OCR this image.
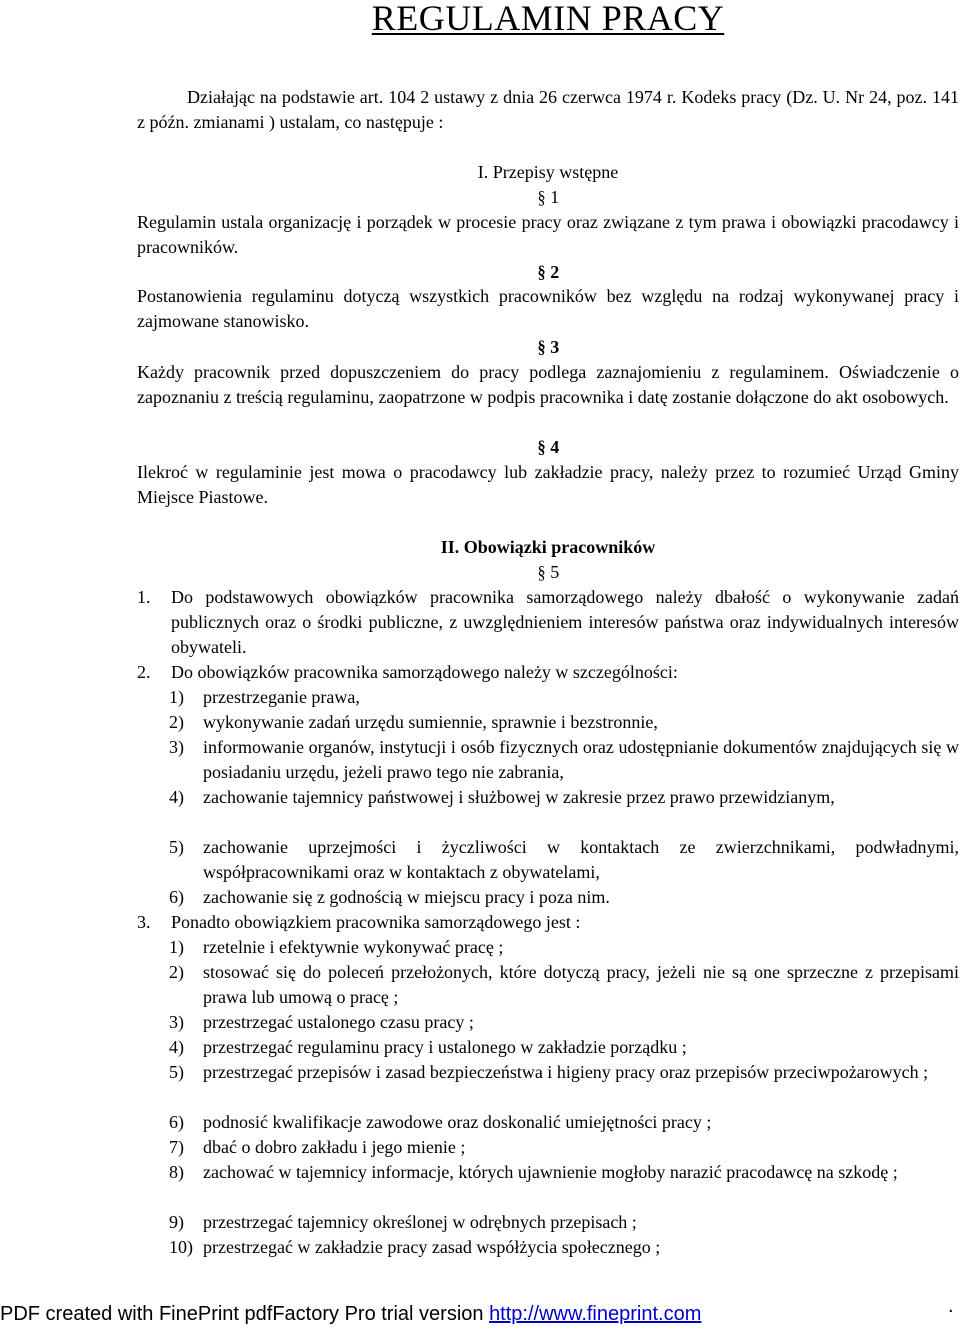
REGULAMIN PRACY
Działając na podstawie art. 104 2 ustawy z dnia 26 czerwca 1974 r. Kodeks pracy (Dz. U. Nr 24, poz. 141 z późn. zmianami ) ustalam, co następuje :
I. Przepisy wstępne
§ 1
Regulamin ustala organizację i porządek w procesie pracy oraz związane z tym prawa i obowiązki pracodawcy i pracowników.
§ 2
Postanowienia regulaminu dotyczą wszystkich pracowników bez względu na rodzaj wykonywanej pracy i zajmowane stanowisko.
§ 3
Każdy pracownik przed dopuszczeniem do pracy podlega zaznajomieniu z regulaminem. Oświadczenie o zapoznaniu z treścią regulaminu, zaopatrzone w podpis pracownika i datę zostanie dołączone do akt osobowych.
§ 4
Ilekroć w regulaminie jest mowa o pracodawcy lub zakładzie pracy, należy przez to rozumieć Urząd Gminy Miejsce Piastowe.
II. Obowiązki pracowników
§ 5
1.	Do podstawowych obowiązków pracownika samorządowego należy dbałość o wykonywanie zadań publicznych oraz o środki publiczne, z uwzględnieniem interesów państwa oraz indywidualnych interesów obywateli.
2.	Do obowiązków pracownika samorządowego należy w szczególności:
1)	przestrzeganie prawa,
2)	wykonywanie zadań urzędu sumiennie, sprawnie i bezstronnie,
3)	informowanie organów, instytucji i osób fizycznych oraz udostępnianie dokumentów znajdujących się w posiadaniu urzędu, jeżeli prawo tego nie zabrania,
4)	zachowanie tajemnicy państwowej i służbowej w zakresie przez prawo przewidzianym,
5)	zachowanie uprzejmości i życzliwości w kontaktach ze zwierzchnikami, podwładnymi, współpracownikami oraz w kontaktach z obywatelami,
6)	zachowanie się z godnością w miejscu pracy i poza nim.
3.	Ponadto obowiązkiem pracownika samorządowego jest :
1)	rzetelnie i efektywnie wykonywać pracę ;
2)	stosować się do poleceń przełożonych, które dotyczą pracy, jeżeli nie są one sprzeczne z przepisami prawa lub umową o pracę ;
3)	przestrzegać ustalonego czasu pracy ;
4)	przestrzegać regulaminu pracy i ustalonego w zakładzie porządku ;
5)	przestrzegać przepisów i zasad bezpieczeństwa i higieny pracy oraz przepisów przeciwpożarowych ;
6)	podnosić kwalifikacje zawodowe oraz doskonalić umiejętności pracy ;
7)	dbać o dobro zakładu i jego mienie ;
8)	zachować w tajemnicy informacje, których ujawnienie mogłoby narazić pracodawcę na szkodę ;
9)	przestrzegać tajemnicy określonej w odrębnych przepisach ;
10) przestrzegać w zakładzie pracy zasad współżycia społecznego ;
PDF created with FinePrint pdfFactory Pro trial version http://www.fineprint.com	.
